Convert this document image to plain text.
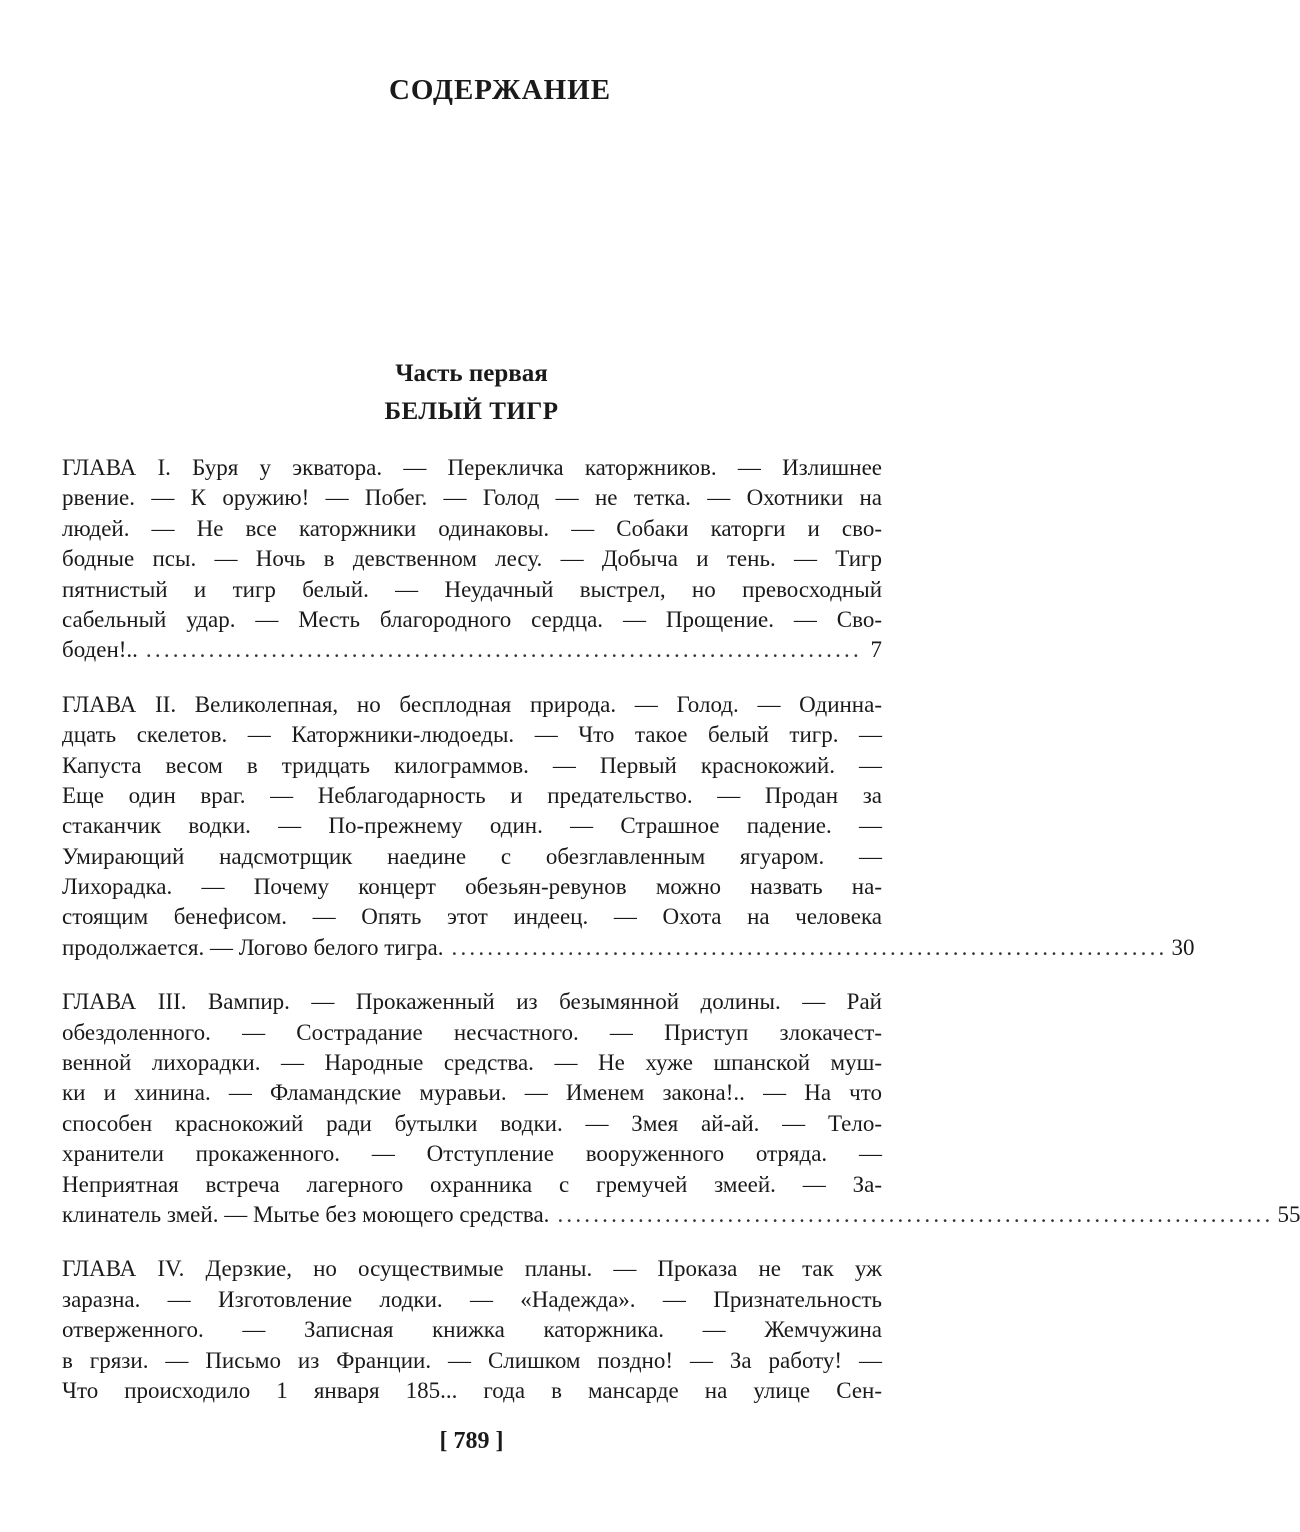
СОДЕРЖАНИЕ
Часть первая
БЕЛЫЙ ТИГР
ГЛАВА I. Буря у экватора. — Перекличка каторжников. — Излишнее
рвение. — К оружию! — Побег. — Голод — не тетка. — Охотники на
людей. — Не все каторжники одинаковы. — Собаки каторги и сво-
бодные псы. — Ночь в девственном лесу. — Добыча и тень. — Тигр
пятнистый и тигр белый. — Неудачный выстрел, но превосходный
сабельный удар. — Месть благородного сердца. — Прощение. — Сво-
боден!.. ................................................................................ 7
ГЛАВА II. Великолепная, но бесплодная природа. — Голод. — Одинна-
дцать скелетов. — Каторжники-людоеды. — Что такое белый тигр. —
Капуста весом в тридцать килограммов. — Первый краснокожий. —
Еще один враг. — Неблагодарность и предательство. — Продан за
стаканчик водки. — По-прежнему один. — Страшное падение. —
Умирающий надсмотрщик наедине с обезглавленным ягуаром. —
Лихорадка. — Почему концерт обезьян-ревунов можно назвать на-
стоящим бенефисом. — Опять этот индеец. — Охота на человека
продолжается. — Логово белого тигра. ................................................................................ 30
ГЛАВА III. Вампир. — Прокаженный из безымянной долины. — Рай
обездоленного. — Сострадание несчастного. — Приступ злокачест-
венной лихорадки. — Народные средства. — Не хуже шпанской муш-
ки и хинина. — Фламандские муравьи. — Именем закона!.. — На что
способен краснокожий ради бутылки водки. — Змея ай-ай. — Тело-
хранители прокаженного. — Отступление вооруженного отряда. —
Неприятная встреча лагерного охранника с гремучей змеей. — За-
клинатель змей. — Мытье без моющего средства. ................................................................................ 55
ГЛАВА IV. Дерзкие, но осуществимые планы. — Проказа не так уж
заразна. — Изготовление лодки. — «Надежда». — Признательность
отверженного. — Записная книжка каторжника. — Жемчужина
в грязи. — Письмо из Франции. — Слишком поздно! — За работу! —
Что происходило 1 января 185... года в мансарде на улице Сен-
[ 789 ]
